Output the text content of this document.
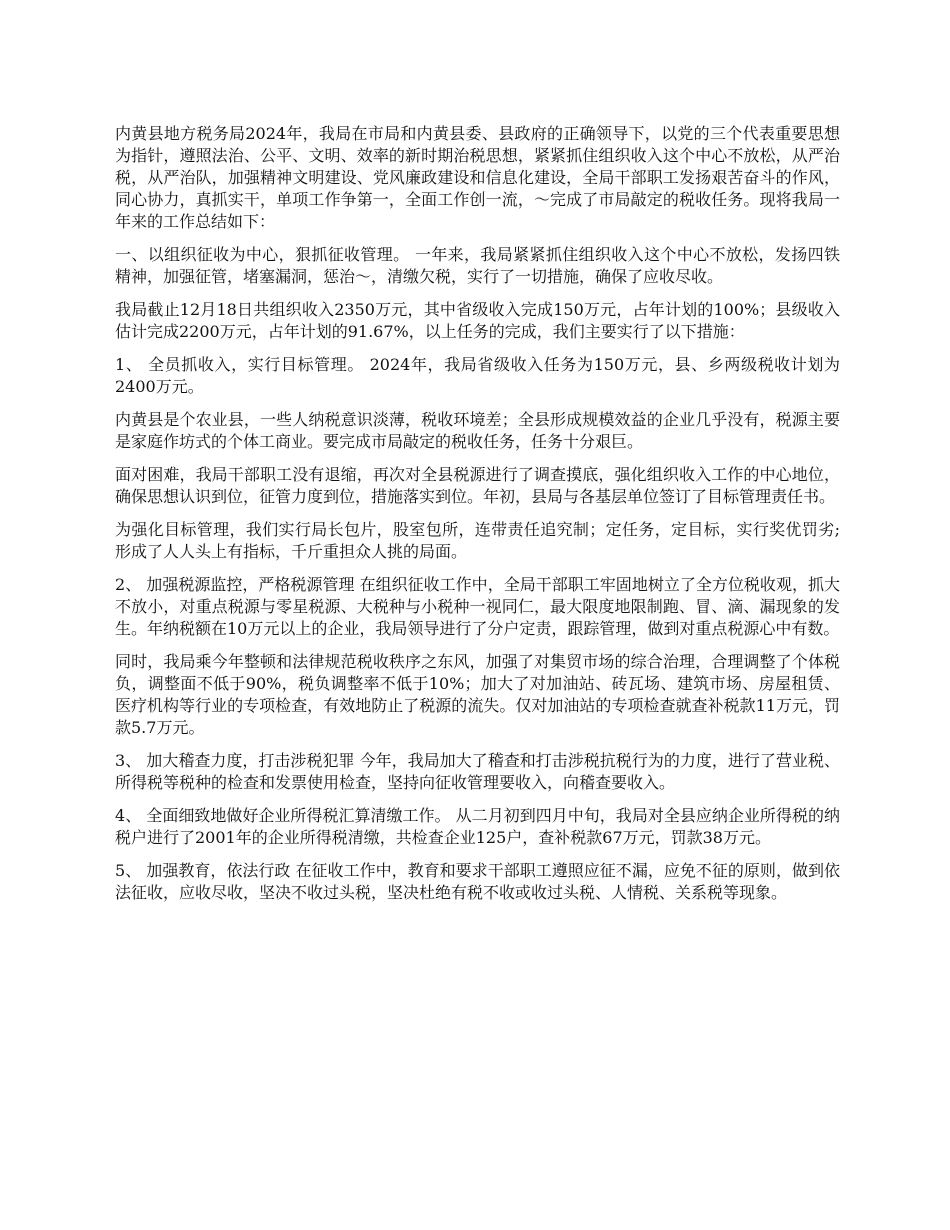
内黄县地方税务局2024年，我局在市局和内黄县委、县政府的正确领导下，以党的三个代表重要思想为指针，遵照法治、公平、文明、效率的新时期治税思想，紧紧抓住组织收入这个中心不放松，从严治税，从严治队，加强精神文明建设、党风廉政建设和信息化建设，全局干部职工发扬艰苦奋斗的作风，同心协力，真抓实干，单项工作争第一，全面工作创一流，～完成了市局敲定的税收任务。现将我局一年来的工作总结如下：

一、以组织征收为中心，狠抓征收管理。 一年来，我局紧紧抓住组织收入这个中心不放松，发扬四铁精神，加强征管，堵塞漏洞，惩治～，清缴欠税，实行了一切措施，确保了应收尽收。

我局截止12月18日共组织收入2350万元，其中省级收入完成150万元，占年计划的100%；县级收入估计完成2200万元，占年计划的91.67%，以上任务的完成，我们主要实行了以下措施：

1、 全员抓收入，实行目标管理。 2024年，我局省级收入任务为150万元，县、乡两级税收计划为2400万元。

内黄县是个农业县，一些人纳税意识淡薄，税收环境差；全县形成规模效益的企业几乎没有，税源主要是家庭作坊式的个体工商业。要完成市局敲定的税收任务，任务十分艰巨。

面对困难，我局干部职工没有退缩，再次对全县税源进行了调查摸底，强化组织收入工作的中心地位，确保思想认识到位，征管力度到位，措施落实到位。年初，县局与各基层单位签订了目标管理责任书。

为强化目标管理，我们实行局长包片，股室包所，连带责任追究制；定任务，定目标，实行奖优罚劣;形成了人人头上有指标，千斤重担众人挑的局面。

2、 加强税源监控，严格税源管理 在组织征收工作中，全局干部职工牢固地树立了全方位税收观，抓大不放小，对重点税源与零星税源、大税种与小税种一视同仁，最大限度地限制跑、冒、滴、漏现象的发生。年纳税额在10万元以上的企业，我局领导进行了分户定责，跟踪管理，做到对重点税源心中有数。

同时，我局乘今年整顿和法律规范税收秩序之东风，加强了对集贸市场的综合治理，合理调整了个体税负，调整面不低于90%，税负调整率不低于10%；加大了对加油站、砖瓦场、建筑市场、房屋租赁、医疗机构等行业的专项检查，有效地防止了税源的流失。仅对加油站的专项检查就查补税款11万元，罚款5.7万元。

3、 加大稽查力度，打击涉税犯罪 今年，我局加大了稽查和打击涉税抗税行为的力度，进行了营业税、所得税等税种的检查和发票使用检查，坚持向征收管理要收入，向稽查要收入。

4、 全面细致地做好企业所得税汇算清缴工作。 从二月初到四月中旬，我局对全县应纳企业所得税的纳税户进行了2001年的企业所得税清缴，共检查企业125户，查补税款67万元，罚款38万元。

5、 加强教育，依法行政 在征收工作中，教育和要求干部职工遵照应征不漏，应免不征的原则，做到依法征收，应收尽收，坚决不收过头税，坚决杜绝有税不收或收过头税、人情税、关系税等现象。
